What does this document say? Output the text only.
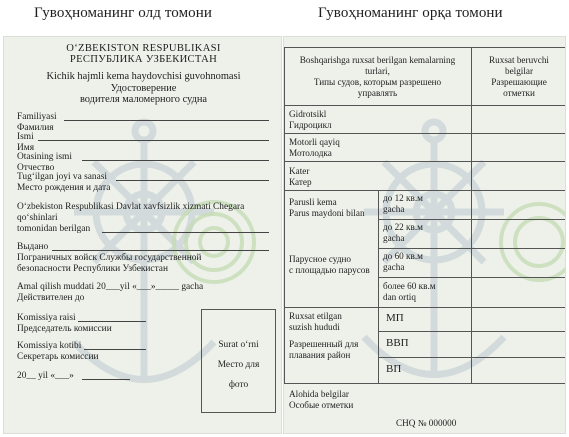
Гувоҳноманинг олд томони	Гувоҳноманинг орқа томони
O‘ZBEKISTON RESPUBLIKASI
РЕСПУБЛИКА УЗБЕКИСТАН
Kichik hajmli kema haydovchisi guvohnomasi
Удостоверение
водителя маломерного судна
Familiyasi
Фамилия
Ismi
Имя
Otasining ismi
Отчество
Tug‘ilgan joyi va sanasi
Место рождения и дата
O‘zbekiston Respublikasi Davlat xavfsizlik xizmati Chegara
qo‘shinlari
tomonidan berilgan
Выдано
Пограничных войск Службы государственной
безопасности Республики Узбекистан
Amal qilish muddati 20___yil «___»_____ gacha
Действителен до
Komissiya raisi
Председатель комиссии
Komissiya kotibi
Секретарь комиссии
20__ yil «___»
Surat o‘rni
Место для
фото
Boshqarishga ruxsat berilgan kemalarning
turlari,
Типы судов, которым разрешено
управлять
Ruxsat beruvchi
belgilar
Разрешающие
отметки
Gidrotsikl
Гидроцикл
Motorli qayiq
Мотолодка
Kater
Катер
Parusli kema
Parus maydoni bilan
Парусное судно
с площадью парусов
до 12 кв.м
gacha
до 22 кв.м
gacha
до 60 кв.м
gacha
более 60 кв.м
dan ortiq
Ruxsat etilgan
suzish hududi
Разрешенный для
плавания район
МП
ВВП
ВП
Alohida belgilar
Особые отметки
СНQ № 000000
